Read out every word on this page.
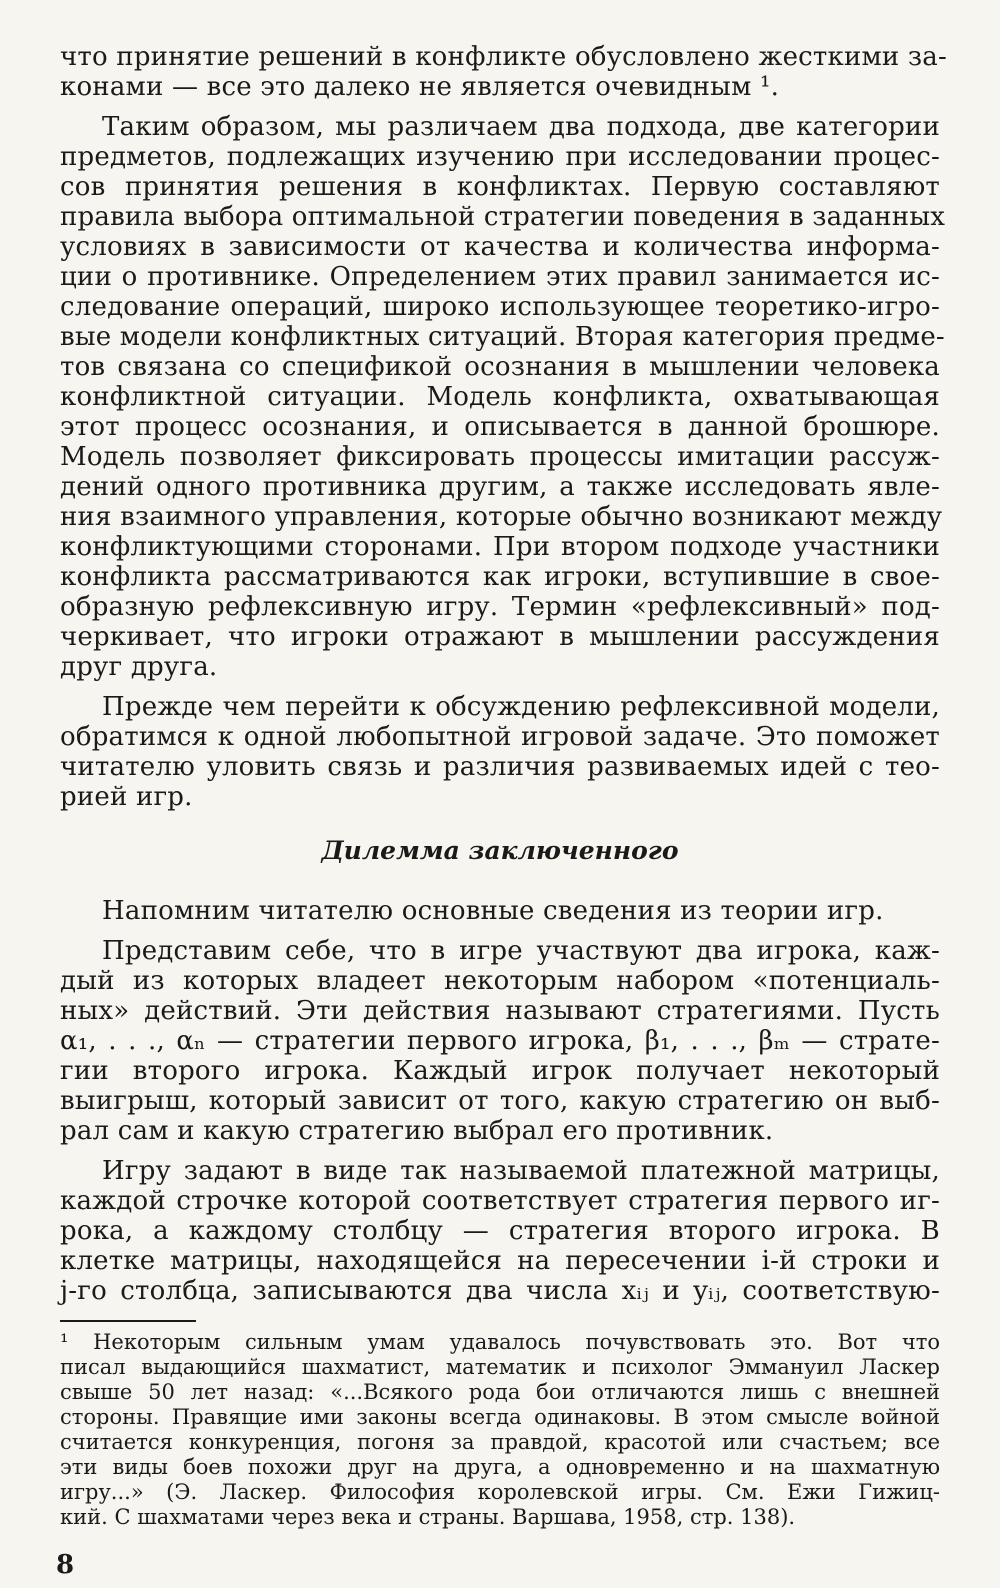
что принятие решений в конфликте обусловлено жесткими за-
конами — все это далеко не является очевидным ¹.
Таким образом, мы различаем два подхода, две категории
предметов, подлежащих изучению при исследовании процес-
сов принятия решения в конфликтах. Первую составляют
правила выбора оптимальной стратегии поведения в заданных
условиях в зависимости от качества и количества информа-
ции о противнике. Определением этих правил занимается ис-
следование операций, широко использующее теоретико-игро-
вые модели конфликтных ситуаций. Вторая категория предме-
тов связана со спецификой осознания в мышлении человека
конфликтной ситуации. Модель конфликта, охватывающая
этот процесс осознания, и описывается в данной брошюре.
Модель позволяет фиксировать процессы имитации рассуж-
дений одного противника другим, а также исследовать явле-
ния взаимного управления, которые обычно возникают между
конфликтующими сторонами. При втором подходе участники
конфликта рассматриваются как игроки, вступившие в свое-
образную рефлексивную игру. Термин «рефлексивный» под-
черкивает, что игроки отражают в мышлении рассуждения
друг друга.
Прежде чем перейти к обсуждению рефлексивной модели,
обратимся к одной любопытной игровой задаче. Это поможет
читателю уловить связь и различия развиваемых идей с тео-
рией игр.
Дилемма заключенного
Напомним читателю основные сведения из теории игр.
Представим себе, что в игре участвуют два игрока, каж-
дый из которых владеет некоторым набором «потенциаль-
ных» действий. Эти действия называют стратегиями. Пусть
α₁, . . ., αₙ — стратегии первого игрока, β₁, . . ., βₘ — страте-
гии второго игрока. Каждый игрок получает некоторый
выигрыш, который зависит от того, какую стратегию он выб-
рал сам и какую стратегию выбрал его противник.
Игру задают в виде так называемой платежной матрицы,
каждой строчке которой соответствует стратегия первого иг-
рока, а каждому столбцу — стратегия второго игрока. В
клетке матрицы, находящейся на пересечении i-й строки и
j-го столбца, записываются два числа xᵢⱼ и yᵢⱼ, соответствую-
¹ Некоторым сильным умам удавалось почувствовать это. Вот что
писал выдающийся шахматист, математик и психолог Эммануил Ласкер
свыше 50 лет назад: «...Всякого рода бои отличаются лишь с внешней
стороны. Правящие ими законы всегда одинаковы. В этом смысле войной
считается конкуренция, погоня за правдой, красотой или счастьем; все
эти виды боев похожи друг на друга, а одновременно и на шахматную
игру...» (Э. Ласкер. Философия королевской игры. См. Ежи Гижиц-
кий. С шахматами через века и страны. Варшава, 1958, стр. 138).
8
